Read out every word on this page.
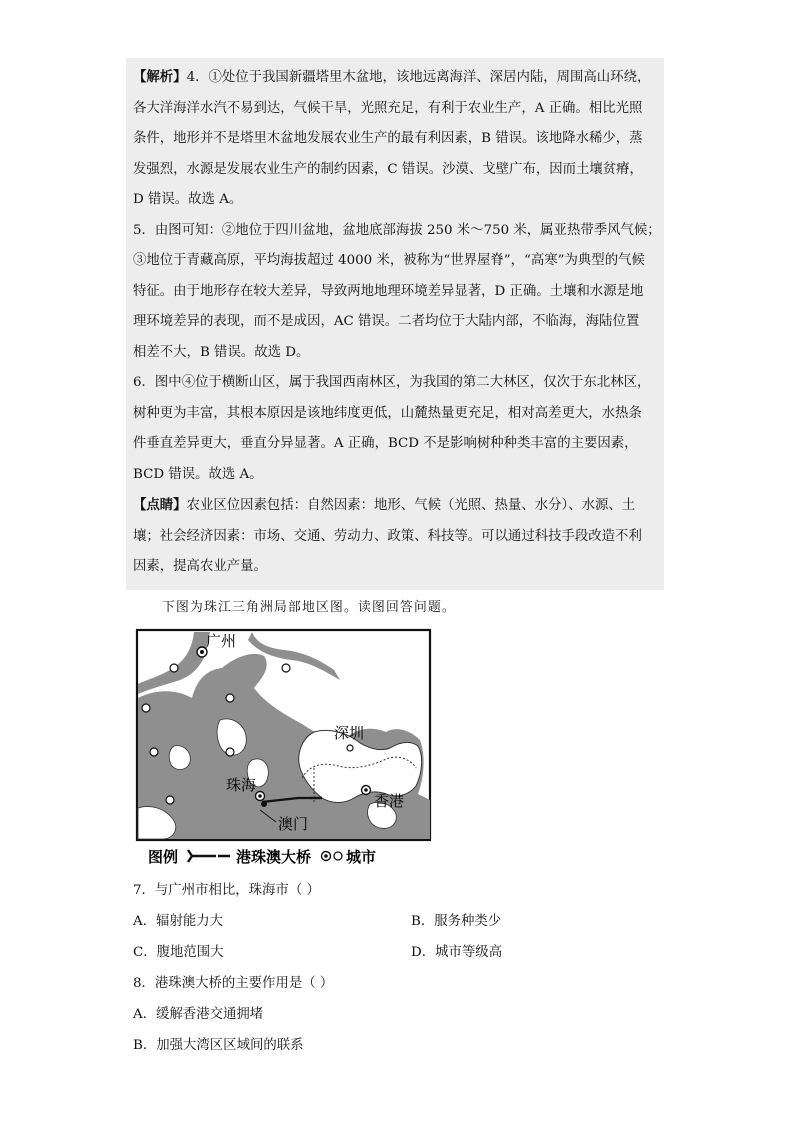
【解析】4．①处位于我国新疆塔里木盆地，该地远离海洋、深居内陆，周围高山环绕，

各大洋海洋水汽不易到达，气候干旱，光照充足，有利于农业生产，A 正确。相比光照

条件，地形并不是塔里木盆地发展农业生产的最有利因素，B 错误。该地降水稀少，蒸

发强烈，水源是发展农业生产的制约因素，C 错误。沙漠、戈壁广布，因而土壤贫瘠，

D 错误。故选 A。

5．由图可知：②地位于四川盆地，盆地底部海拔 250 米～750 米，属亚热带季风气候；

③地位于青藏高原，平均海拔超过 4000 米，被称为“世界屋脊”，“高寒”为典型的气候

特征。由于地形存在较大差异，导致两地地理环境差异显著，D 正确。土壤和水源是地

理环境差异的表现，而不是成因，AC 错误。二者均位于大陆内部，不临海，海陆位置

相差不大，B 错误。故选 D。

6．图中④位于横断山区，属于我国西南林区，为我国的第二大林区，仅次于东北林区，

树种更为丰富，其根本原因是该地纬度更低，山麓热量更充足，相对高差更大，水热条

件垂直差异更大，垂直分异显著。A 正确，BCD 不是影响树种种类丰富的主要因素，

BCD 错误。故选 A。

【点睛】农业区位因素包括：自然因素：地形、气候（光照、热量、水分）、水源、土

壤；社会经济因素：市场、交通、劳动力、政策、科技等。可以通过科技手段改造不利

因素，提高农业产量。

下图为珠江三角洲局部地区图。读图回答问题。
广州
深圳
珠海
香港
澳门
图例	港珠澳大桥 城市
7．与广州市相比，珠海市（ ）
A．辐射能力大	B．服务种类少
C．腹地范围大	D．城市等级高
8．港珠澳大桥的主要作用是（ ）
A．缓解香港交通拥堵
B．加强大湾区区域间的联系
